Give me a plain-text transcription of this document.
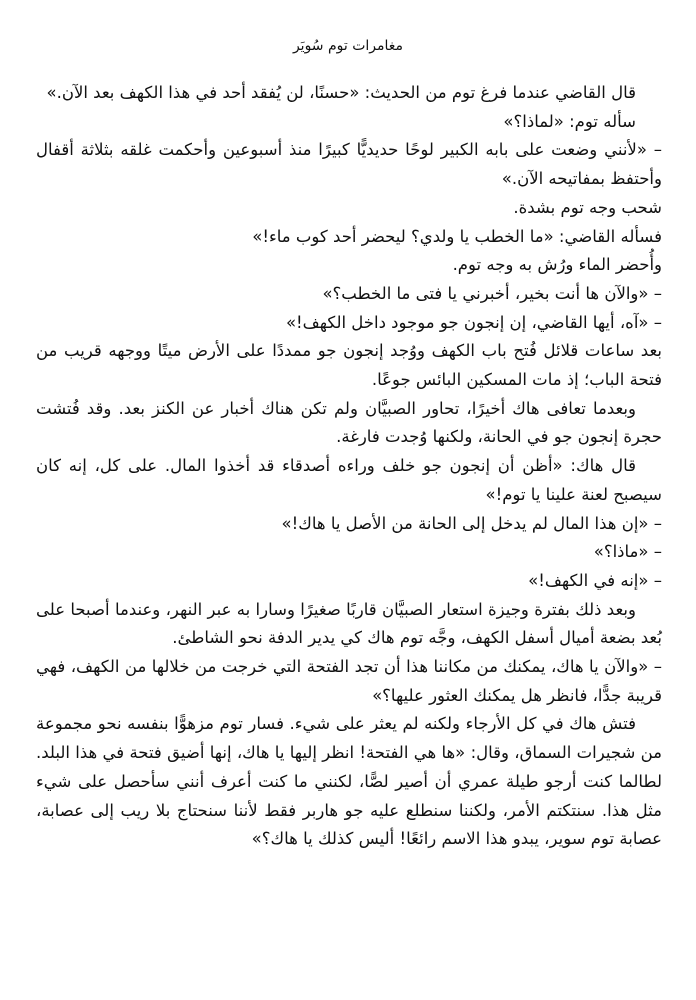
مغامرات توم سُويَر

قال القاضي عندما فرغ توم من الحديث: «حسنًا، لن يُفقد أحد في هذا الكهف بعد الآن.»

سأله توم: «لماذا؟»

– «لأنني وضعت على بابه الكبير لوحًا حديديًّا كبيرًا منذ أسبوعين وأحكمت غلقه بثلاثة أقفال وأحتفظ بمفاتيحه الآن.»

شحب وجه توم بشدة.

فسأله القاضي: «ما الخطب يا ولدي؟ ليحضر أحد كوب ماء!»

وأُحضر الماء ورُش به وجه توم.

– «والآن ها أنت بخير، أخبرني يا فتى ما الخطب؟»

– «آه، أيها القاضي، إن إنجون جو موجود داخل الكهف!»

بعد ساعات قلائل فُتح باب الكهف ووُجد إنجون جو ممددًا على الأرض ميتًا ووجهه قريب من فتحة الباب؛ إذ مات المسكين البائس جوعًا.

وبعدما تعافى هاك أخيرًا، تحاور الصبيَّان ولم تكن هناك أخبار عن الكنز بعد. وقد فُتشت حجرة إنجون جو في الحانة، ولكنها وُجدت فارغة.

قال هاك: «أظن أن إنجون جو خلف وراءه أصدقاء قد أخذوا المال. على كل، إنه كان سيصبح لعنة علينا يا توم!»

– «إن هذا المال لم يدخل إلى الحانة من الأصل يا هاك!»

– «ماذا؟»

– «إنه في الكهف!»

وبعد ذلك بفترة وجيزة استعار الصبيَّان قاربًا صغيرًا وسارا به عبر النهر، وعندما أصبحا على بُعد بضعة أميال أسفل الكهف، وجَّه توم هاك كي يدير الدفة نحو الشاطئ.

– «والآن يا هاك، يمكنك من مكاننا هذا أن تجد الفتحة التي خرجت من خلالها من الكهف، فهي قريبة جدًّا، فانظر هل يمكنك العثور عليها؟»

فتش هاك في كل الأرجاء ولكنه لم يعثر على شيء. فسار توم مزهوًّا بنفسه نحو مجموعة من شجيرات السماق، وقال: «ها هي الفتحة! انظر إليها يا هاك، إنها أضيق فتحة في هذا البلد. لطالما كنت أرجو طيلة عمري أن أصير لصًّا، لكنني ما كنت أعرف أنني سأحصل على شيء مثل هذا. سنتكتم الأمر، ولكننا سنطلع عليه جو هاربر فقط لأننا سنحتاج بلا ريب إلى عصابة، عصابة توم سوير، يبدو هذا الاسم رائعًا! أليس كذلك يا هاك؟»
